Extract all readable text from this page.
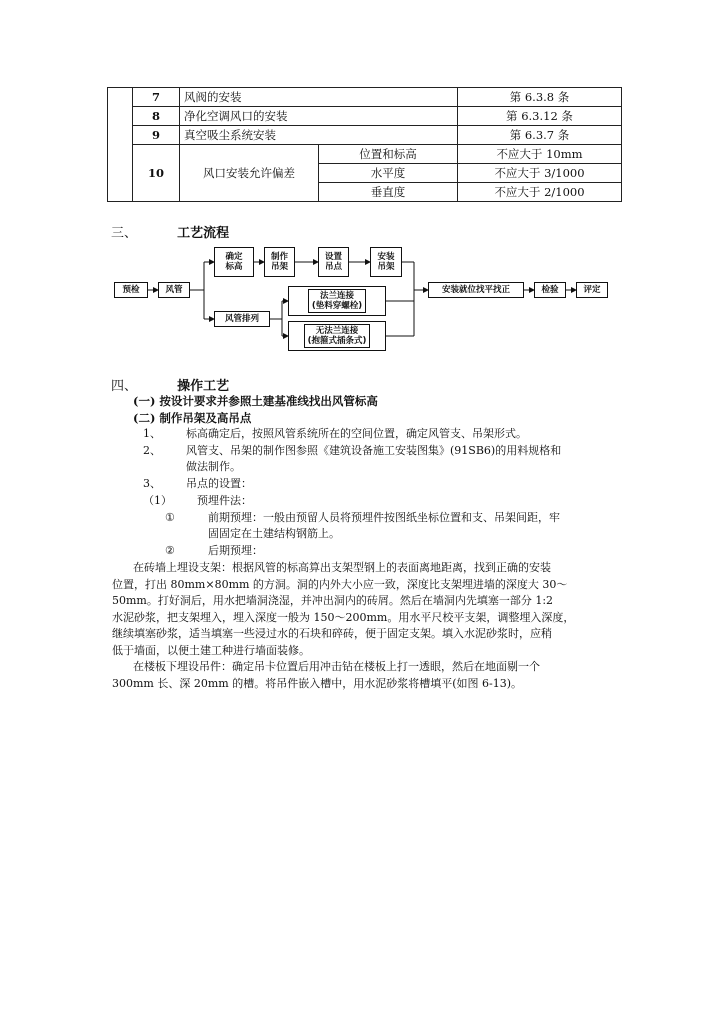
	7	风阀的安装		第 6.3.8 条
	8	净化空调风口的安装		第 6.3.12 条
	9	真空吸尘系统安装		第 6.3.7 条
	10	风口安装允许偏差	位置和标高	不应大于 10mm
			水平度	不应大于 3/1000
			垂直度	不应大于 2/1000
三、	工艺流程
预检	风管
确定
标高
制作
吊架
设置
吊点
安装
吊架
风管排列
法兰连接
(垫料穿螺栓)
无法兰连接
(抱箍式插条式)
安装就位找平找正	检验	评定
四、	操作工艺
(一) 按设计要求并参照土建基准线找出风管标高
(二) 制作吊架及高吊点
1、 标高确定后，按照风管系统所在的空间位置，确定风管支、吊架形式。
2、 风管支、吊架的制作图参照《建筑设备施工安装图集》(91SB6)的用料规格和
做法制作。
3、 吊点的设置：
（1） 预埋件法：
①	前期预埋：一般由预留人员将预埋件按图纸坐标位置和支、吊架间距，牢
固固定在土建结构钢筋上。
②	后期预埋：
在砖墙上埋设支架：根据风管的标高算出支架型钢上的表面离地距离，找到正确的安装
位置，打出 80mm×80mm 的方洞。洞的内外大小应一致，深度比支架埋进墙的深度大 30～
50mm。打好洞后，用水把墙洞浇湿，并冲出洞内的砖屑。然后在墙洞内先填塞一部分 1:2
水泥砂浆，把支架埋入，埋入深度一般为 150～200mm。用水平尺校平支架，调整埋入深度，
继续填塞砂浆，适当填塞一些浸过水的石块和碎砖，便于固定支架。填入水泥砂浆时，应稍
低于墙面，以便土建工种进行墙面装修。
在楼板下埋设吊件：确定吊卡位置后用冲击钻在楼板上打一透眼，然后在地面剔一个
300mm 长、深 20mm 的槽。将吊件嵌入槽中，用水泥砂浆将槽填平(如图 6-13)。
